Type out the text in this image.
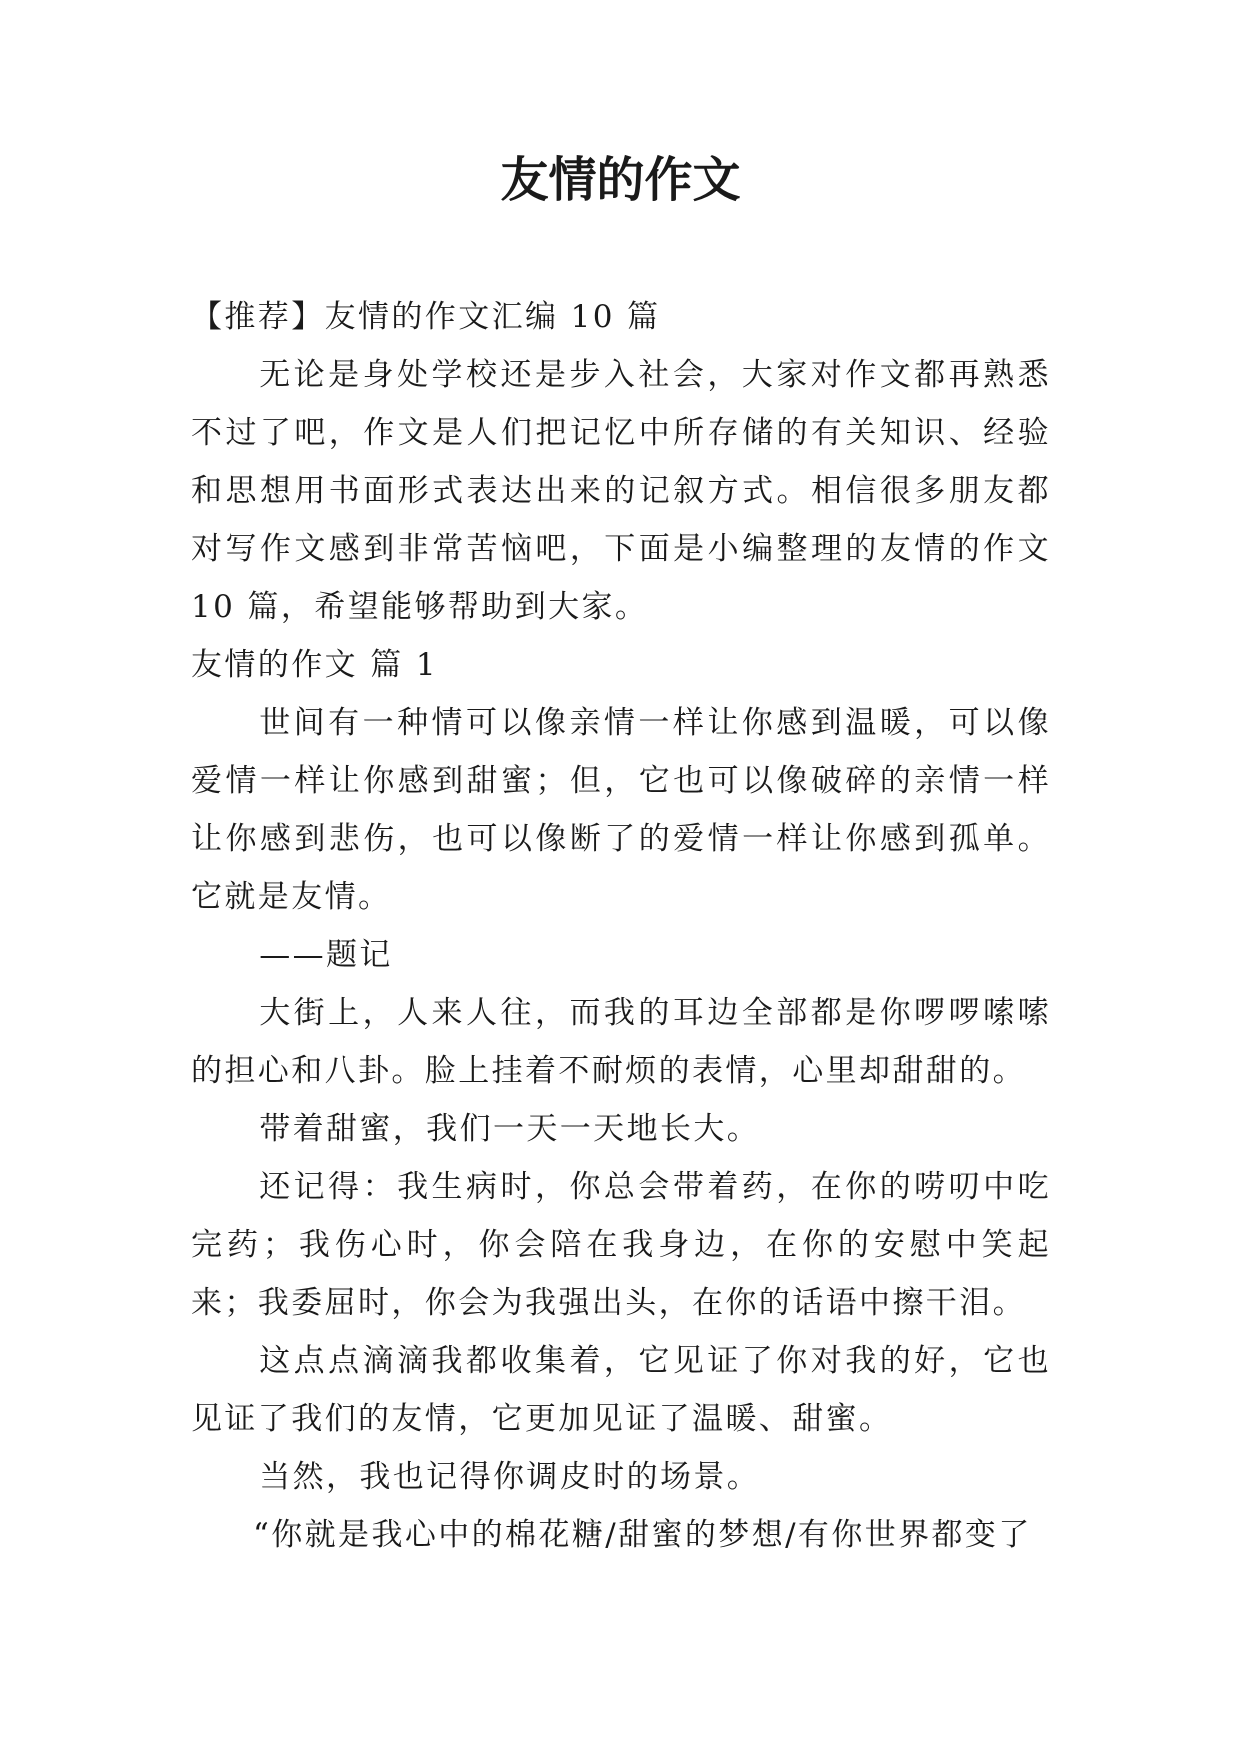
友情的作文

【推荐】友情的作文汇编 10 篇

无论是身处学校还是步入社会，大家对作文都再熟悉不过了吧，作文是人们把记忆中所存储的有关知识、经验和思想用书面形式表达出来的记叙方式。相信很多朋友都对写作文感到非常苦恼吧，下面是小编整理的友情的作文 10 篇，希望能够帮助到大家。

友情的作文 篇 1

世间有一种情可以像亲情一样让你感到温暖，可以像爱情一样让你感到甜蜜；但，它也可以像破碎的亲情一样让你感到悲伤，也可以像断了的爱情一样让你感到孤单。它就是友情。

——题记

大街上，人来人往，而我的耳边全部都是你啰啰嗦嗦的担心和八卦。脸上挂着不耐烦的表情，心里却甜甜的。

带着甜蜜，我们一天一天地长大。

还记得：我生病时，你总会带着药，在你的唠叨中吃完药；我伤心时，你会陪在我身边，在你的安慰中笑起来；我委屈时，你会为我强出头，在你的话语中擦干泪。

这点点滴滴我都收集着，它见证了你对我的好，它也见证了我们的友情，它更加见证了温暖、甜蜜。

当然，我也记得你调皮时的场景。

“你就是我心中的棉花糖/甜蜜的梦想/有你世界都变了
